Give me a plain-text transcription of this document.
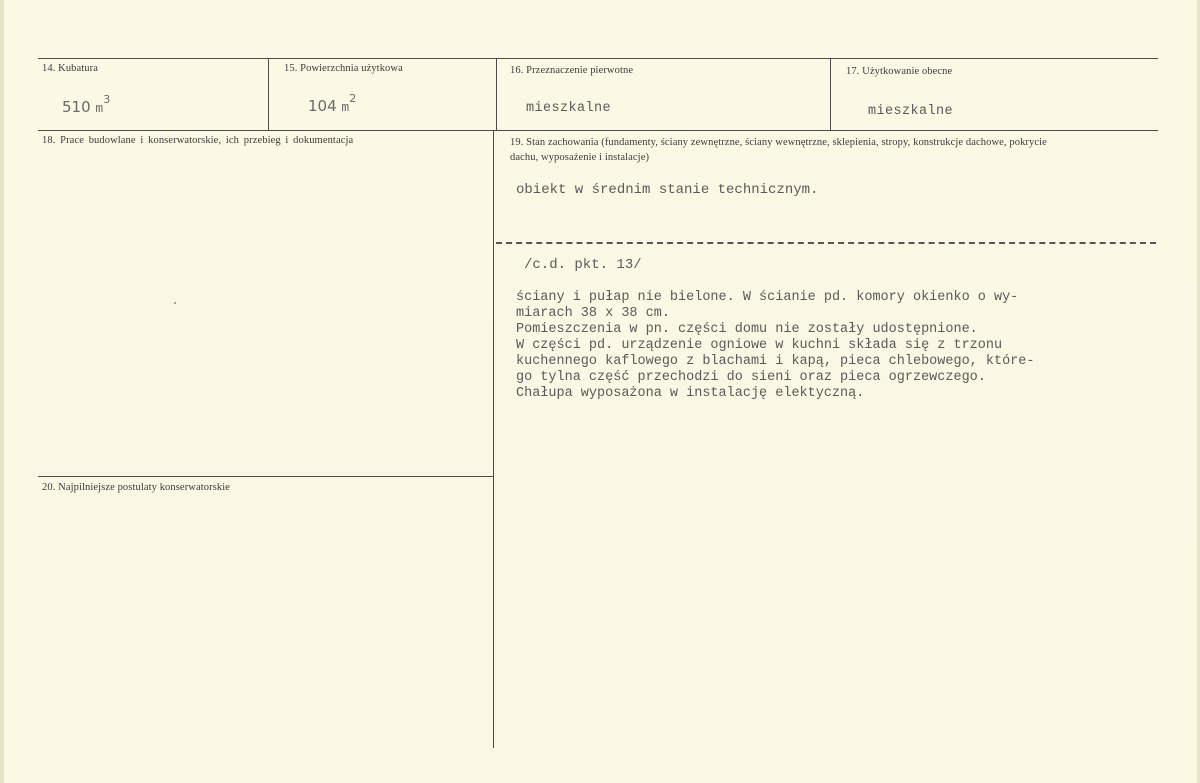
14. Kubatura	15. Powierzchnia użytkowa	16. Przeznaczenie pierwotne	17. Użytkowanie obecne
510 $m^3$	104 $m^2$
mieszkalne	mieszkalne
18. Prace budowlane i konserwatorskie, ich przebieg i dokumentacja	19. Stan zachowania (fundamenty, ściany zewnętrzne, ściany wewnętrzne, sklepienia, stropy, konstrukcje dachowe, pokrycie dachu, wyposażenie i instalacje)
obiekt w średnim stanie technicznym.
/c.d. pkt. 13/
ściany i pułap nie bielone. W ścianie pd. komory okienko o wy-
miarach 38 x 38 cm.
Pomieszczenia w pn. części domu nie zostały udostępnione.
W części pd. urządzenie ogniowe w kuchni składa się z trzonu
kuchennego kaflowego z blachami i kapą, pieca chlebowego, które-
go tylna część przechodzi do sieni oraz pieca ogrzewczego.
Chałupa wyposażona w instalację elektyczną.
20. Najpilniejsze postulaty konserwatorskie
